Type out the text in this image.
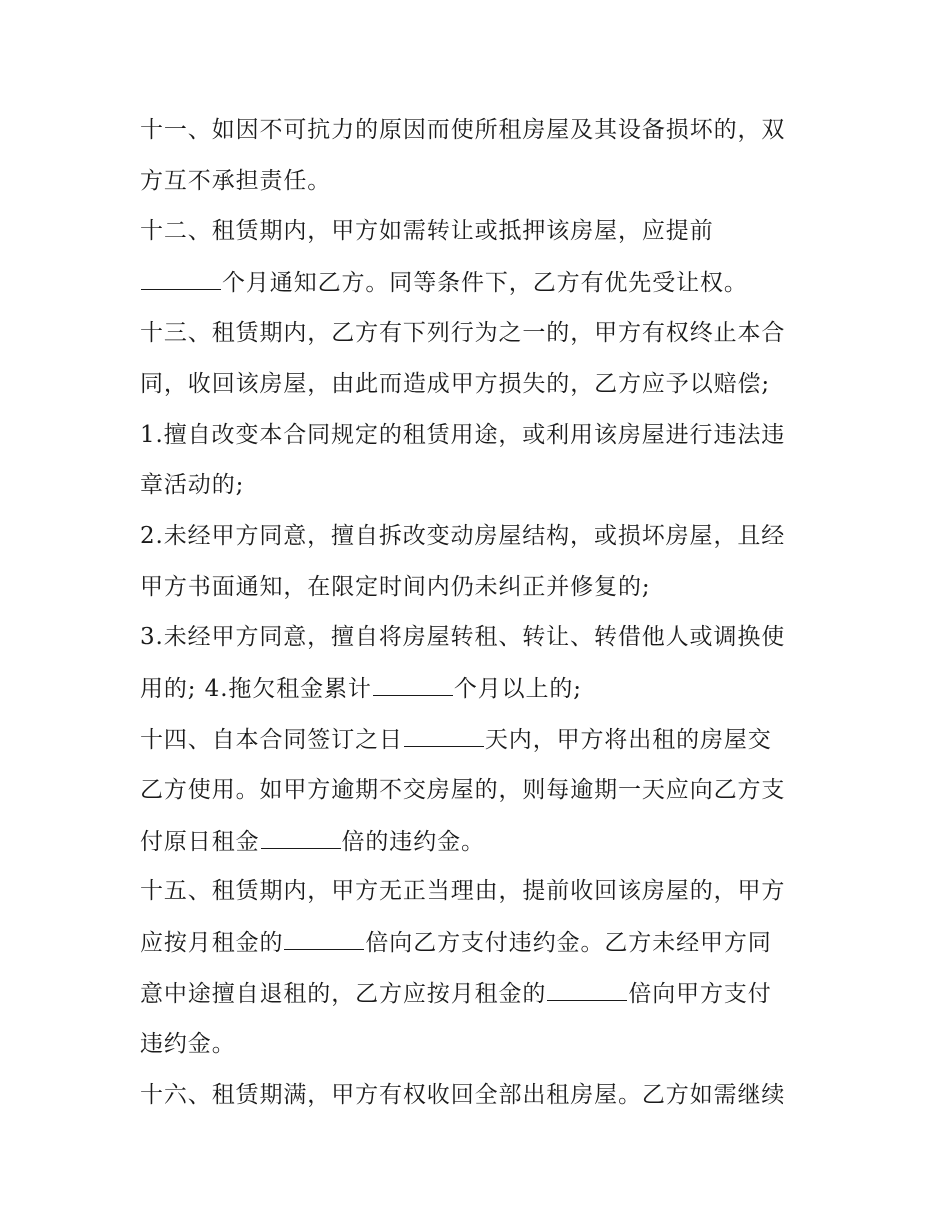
十一、如因不可抗力的原因而使所租房屋及其设备损坏的，双
方互不承担责任。
十二、租赁期内，甲方如需转让或抵押该房屋，应提前
个月通知乙方。同等条件下，乙方有优先受让权。
十三、租赁期内，乙方有下列行为之一的，甲方有权终止本合
同，收回该房屋，由此而造成甲方损失的，乙方应予以赔偿;
1.擅自改变本合同规定的租赁用途，或利用该房屋进行违法违
章活动的;
2.未经甲方同意，擅自拆改变动房屋结构，或损坏房屋，且经
甲方书面通知，在限定时间内仍未纠正并修复的;
3.未经甲方同意，擅自将房屋转租、转让、转借他人或调换使
用的; 4.拖欠租金累计	个月以上的;
十四、自本合同签订之日	天内，甲方将出租的房屋交
乙方使用。如甲方逾期不交房屋的，则每逾期一天应向乙方支
付原日租金	倍的违约金。
十五、租赁期内，甲方无正当理由，提前收回该房屋的，甲方
应按月租金的	倍向乙方支付违约金。乙方未经甲方同
意中途擅自退租的，乙方应按月租金的	倍向甲方支付
违约金。
十六、租赁期满，甲方有权收回全部出租房屋。乙方如需继续
